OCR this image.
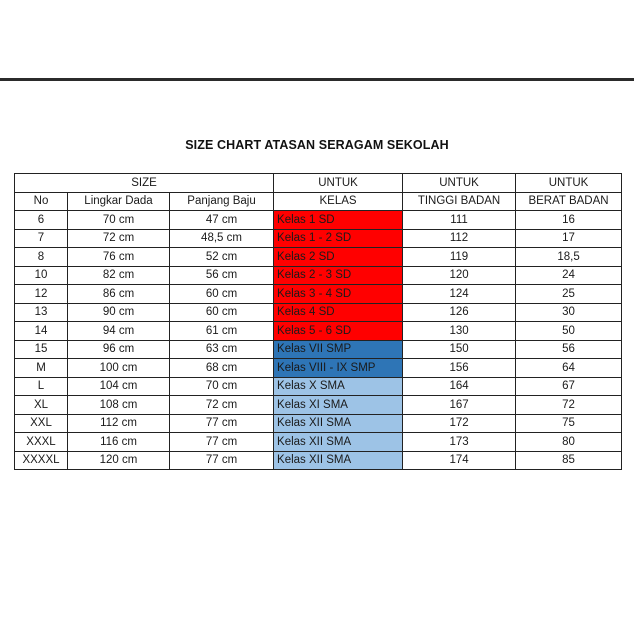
SIZE CHART ATASAN SERAGAM SEKOLAH
SIZE			UNTUK	UNTUK	UNTUK
No	Lingkar Dada	Panjang Baju	KELAS	TINGGI BADAN	BERAT BADAN
6	70 cm	47 cm	Kelas 1 SD	111	16
7	72 cm	48,5 cm	Kelas 1 - 2 SD	112	17
8	76 cm	52 cm	Kelas 2 SD	119	18,5
10	82 cm	56 cm	Kelas 2 - 3 SD	120	24
12	86 cm	60 cm	Kelas 3 - 4 SD	124	25
13	90 cm	60 cm	Kelas 4 SD	126	30
14	94 cm	61 cm	Kelas 5 - 6 SD	130	50
15	96 cm	63 cm	Kelas VII SMP	150	56
M	100 cm	68 cm	Kelas VIII - IX SMP	156	64
L	104 cm	70 cm	Kelas X SMA	164	67
XL	108 cm	72 cm	Kelas XI SMA	167	72
XXL	112 cm	77 cm	Kelas XII SMA	172	75
XXXL	116 cm	77 cm	Kelas XII SMA	173	80
XXXXL	120 cm	77 cm	Kelas XII SMA	174	85
